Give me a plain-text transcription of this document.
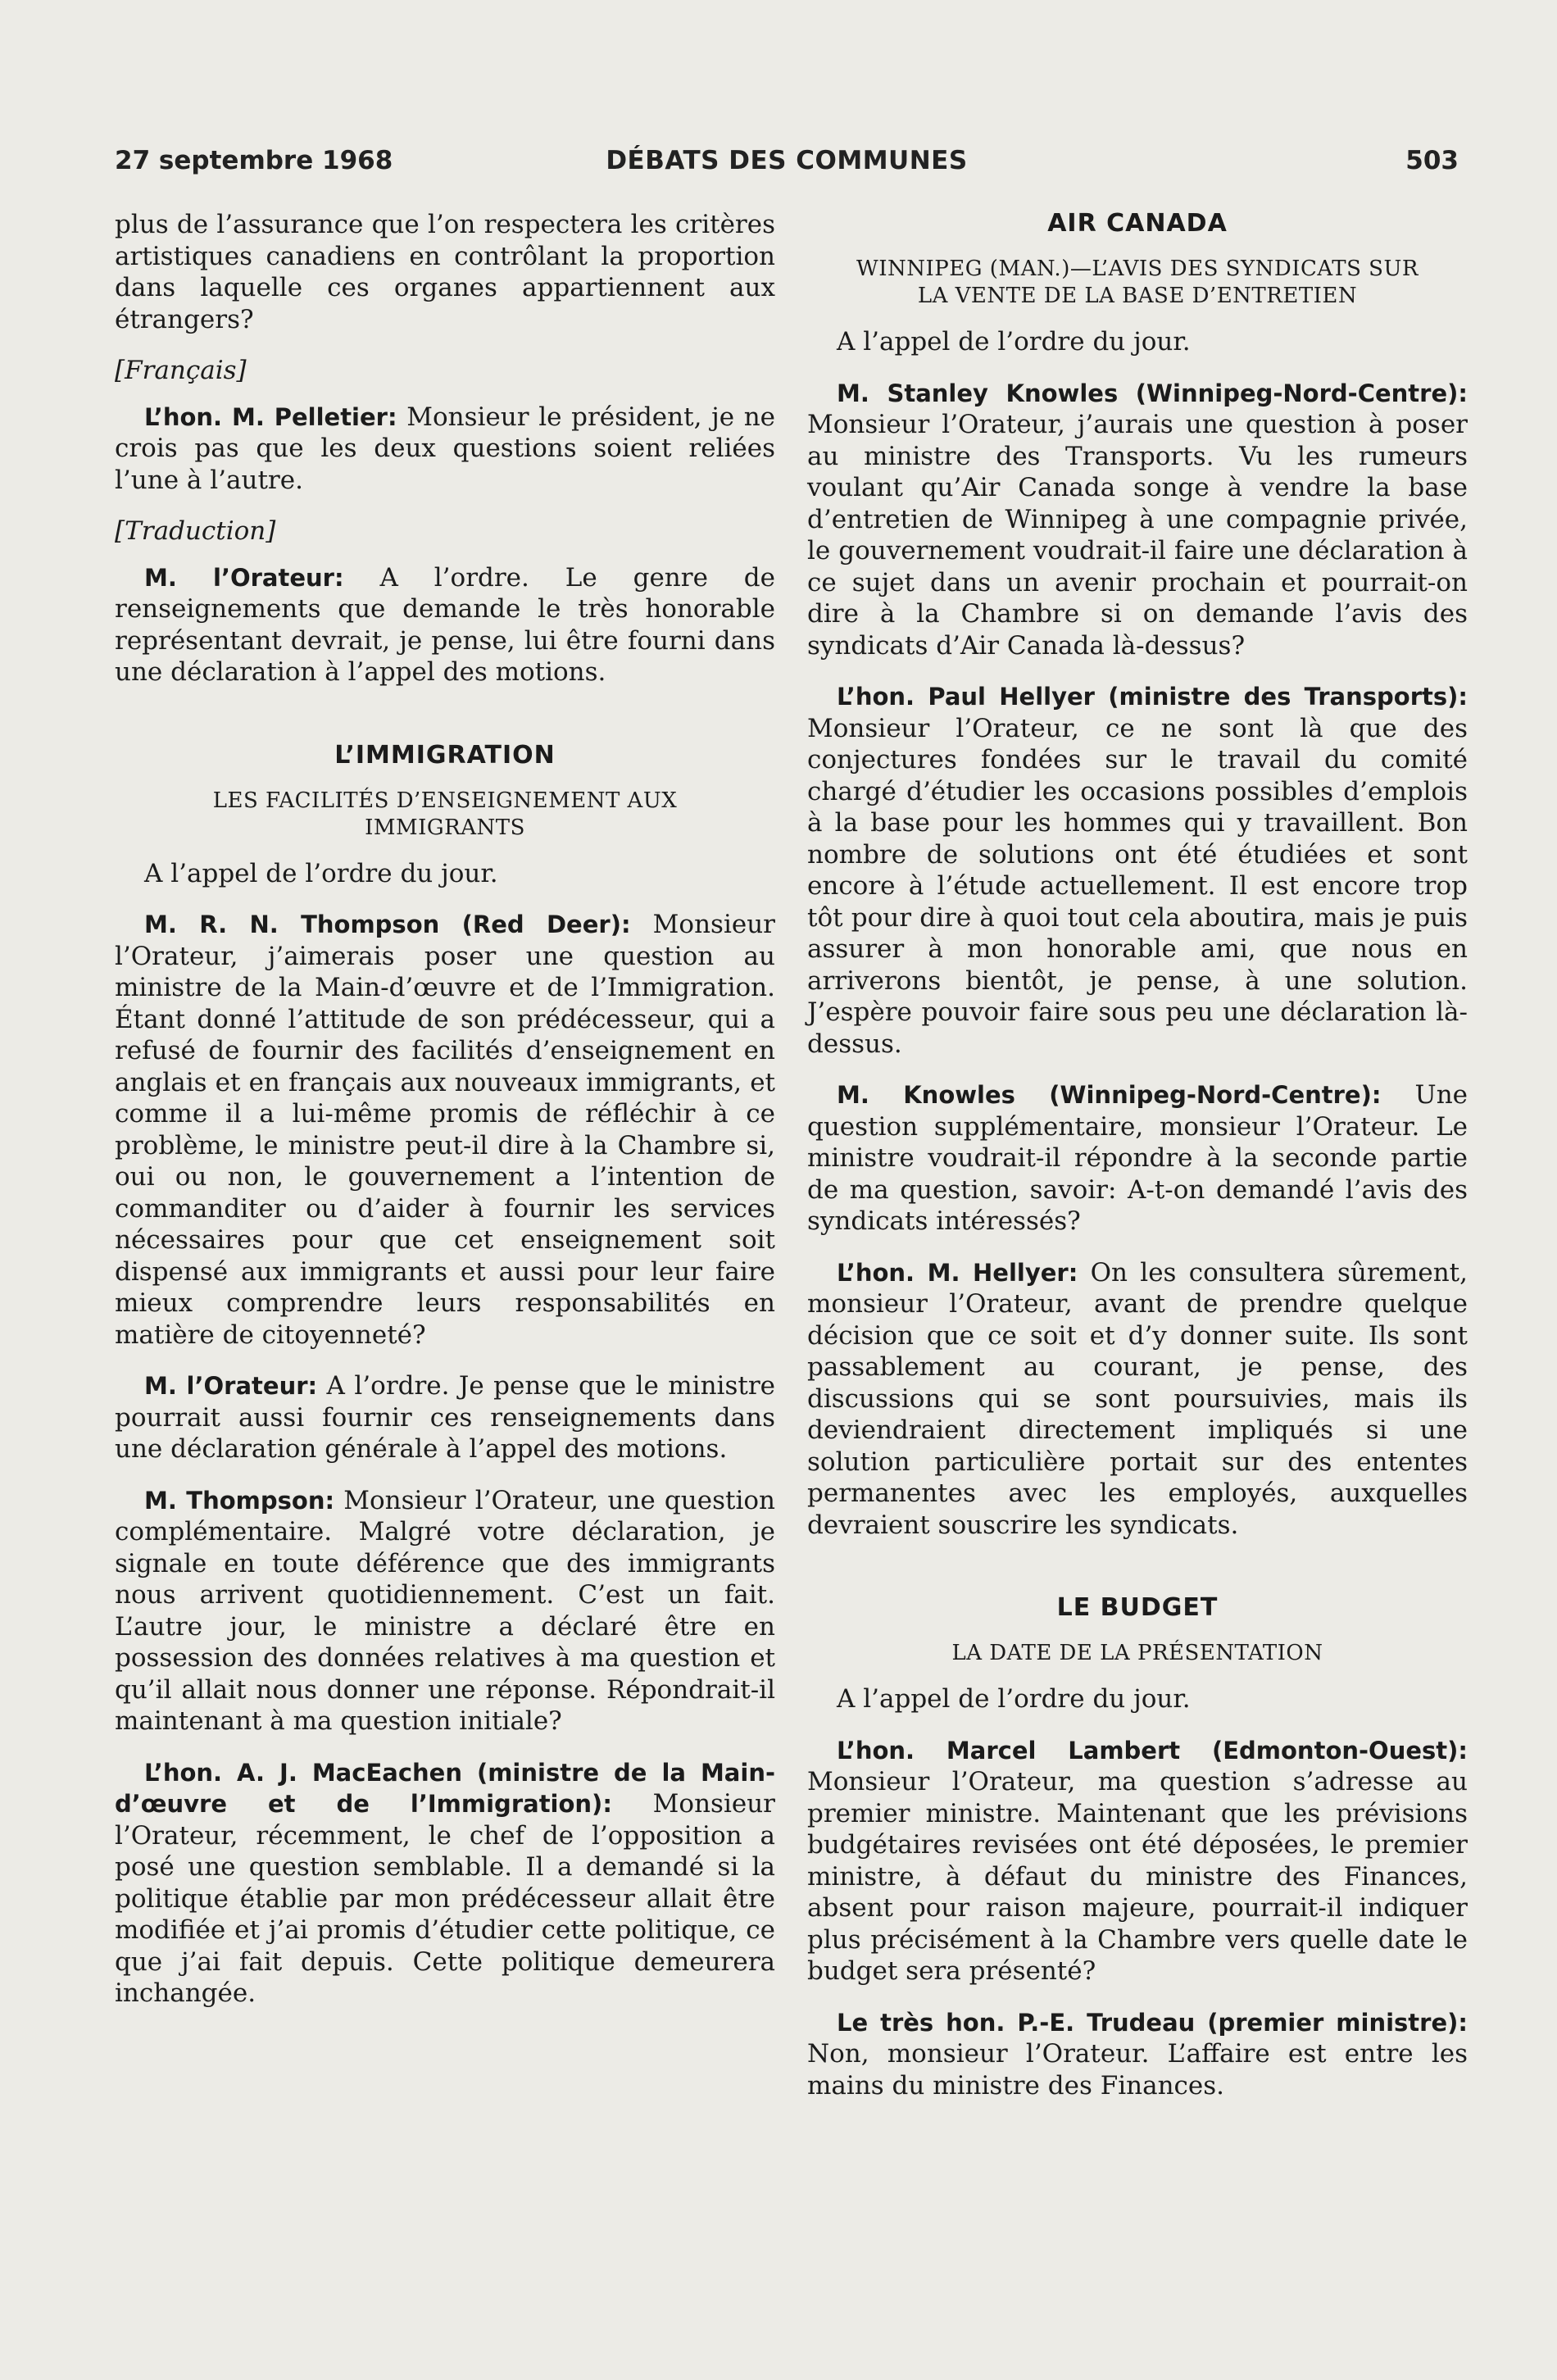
27 septembre 1968	DÉBATS DES COMMUNES	503

plus de l’assurance que l’on respectera les critères artistiques canadiens en contrôlant la proportion dans laquelle ces organes appartiennent aux étrangers?

[Français]

L’hon. M. Pelletier: Monsieur le président, je ne crois pas que les deux questions soient reliées l’une à l’autre.

[Traduction]

M. l’Orateur: A l’ordre. Le genre de renseignements que demande le très honorable représentant devrait, je pense, lui être fourni dans une déclaration à l’appel des motions.

L’IMMIGRATION
LES FACILITÉS D’ENSEIGNEMENT AUX IMMIGRANTS

A l’appel de l’ordre du jour.

M. R. N. Thompson (Red Deer): Monsieur l’Orateur, j’aimerais poser une question au ministre de la Main-d’œuvre et de l’Immigration. Étant donné l’attitude de son prédécesseur, qui a refusé de fournir des facilités d’enseignement en anglais et en français aux nouveaux immigrants, et comme il a lui-même promis de réfléchir à ce problème, le ministre peut-il dire à la Chambre si, oui ou non, le gouvernement a l’intention de commanditer ou d’aider à fournir les services nécessaires pour que cet enseignement soit dispensé aux immigrants et aussi pour leur faire mieux comprendre leurs responsabilités en matière de citoyenneté?

M. l’Orateur: A l’ordre. Je pense que le ministre pourrait aussi fournir ces renseignements dans une déclaration générale à l’appel des motions.

M. Thompson: Monsieur l’Orateur, une question complémentaire. Malgré votre déclaration, je signale en toute déférence que des immigrants nous arrivent quotidiennement. C’est un fait. L’autre jour, le ministre a déclaré être en possession des données relatives à ma question et qu’il allait nous donner une réponse. Répondrait-il maintenant à ma question initiale?

L’hon. A. J. MacEachen (ministre de la Main-d’œuvre et de l’Immigration): Monsieur l’Orateur, récemment, le chef de l’opposition a posé une question semblable. Il a demandé si la politique établie par mon prédécesseur allait être modifiée et j’ai promis d’étudier cette politique, ce que j’ai fait depuis. Cette politique demeurera inchangée.

AIR CANADA
WINNIPEG (MAN.)—L’AVIS DES SYNDICATS SUR LA VENTE DE LA BASE D’ENTRETIEN

A l’appel de l’ordre du jour.

M. Stanley Knowles (Winnipeg-Nord-Centre): Monsieur l’Orateur, j’aurais une question à poser au ministre des Transports. Vu les rumeurs voulant qu’Air Canada songe à vendre la base d’entretien de Winnipeg à une compagnie privée, le gouvernement voudrait-il faire une déclaration à ce sujet dans un avenir prochain et pourrait-on dire à la Chambre si on demande l’avis des syndicats d’Air Canada là-dessus?

L’hon. Paul Hellyer (ministre des Transports): Monsieur l’Orateur, ce ne sont là que des conjectures fondées sur le travail du comité chargé d’étudier les occasions possibles d’emplois à la base pour les hommes qui y travaillent. Bon nombre de solutions ont été étudiées et sont encore à l’étude actuellement. Il est encore trop tôt pour dire à quoi tout cela aboutira, mais je puis assurer à mon honorable ami, que nous en arriverons bientôt, je pense, à une solution. J’espère pouvoir faire sous peu une déclaration là-dessus.

M. Knowles (Winnipeg-Nord-Centre): Une question supplémentaire, monsieur l’Orateur. Le ministre voudrait-il répondre à la seconde partie de ma question, savoir: A-t-on demandé l’avis des syndicats intéressés?

L’hon. M. Hellyer: On les consultera sûrement, monsieur l’Orateur, avant de prendre quelque décision que ce soit et d’y donner suite. Ils sont passablement au courant, je pense, des discussions qui se sont poursuivies, mais ils deviendraient directement impliqués si une solution particulière portait sur des ententes permanentes avec les employés, auxquelles devraient souscrire les syndicats.

LE BUDGET
LA DATE DE LA PRÉSENTATION

A l’appel de l’ordre du jour.

L’hon. Marcel Lambert (Edmonton-Ouest): Monsieur l’Orateur, ma question s’adresse au premier ministre. Maintenant que les prévisions budgétaires revisées ont été déposées, le premier ministre, à défaut du ministre des Finances, absent pour raison majeure, pourrait-il indiquer plus précisément à la Chambre vers quelle date le budget sera présenté?

Le très hon. P.-E. Trudeau (premier ministre): Non, monsieur l’Orateur. L’affaire est entre les mains du ministre des Finances.
